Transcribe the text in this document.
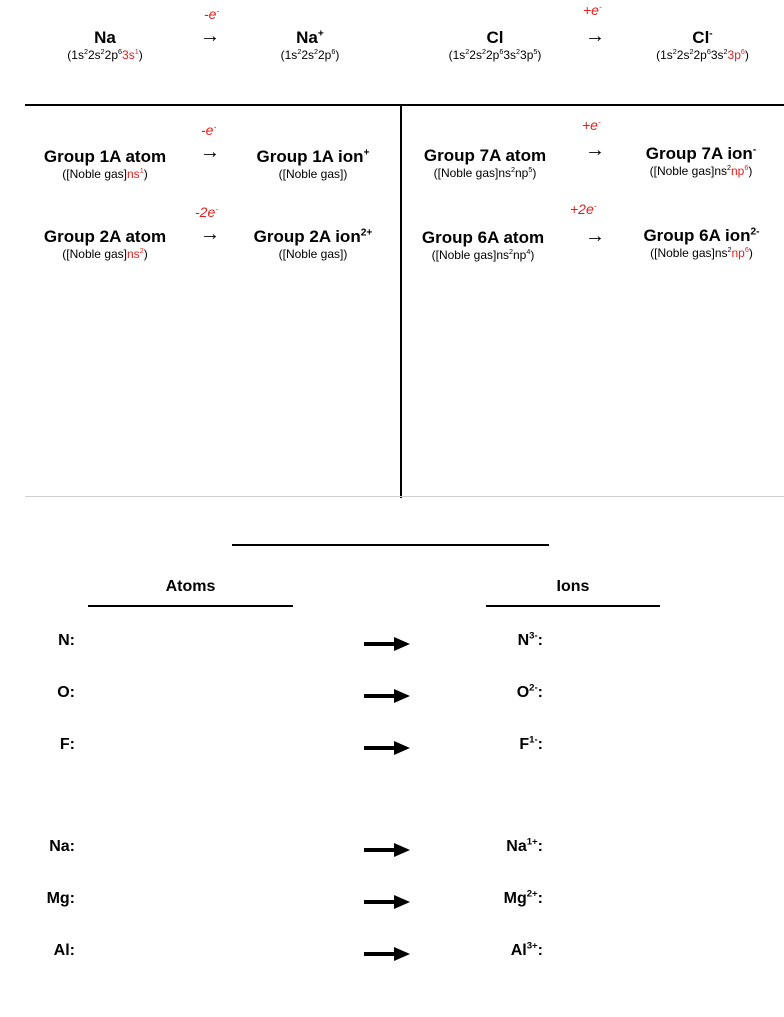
Na
$(1s^22s^22p^63s^1)$
-e-
→	Na+
$(1s^22s^22p^6)$
Cl
$(1s^22s^22p^63s^23p^5)$
+e-
→	Cl-
$(1s^22s^22p^63s^23p^6)$
-e-
→
Group 1A atom
([Noble $gas]ns^1$)
Group 1A ion+
([Noble gas])
-2e-
→
Group 2A atom
([Noble $gas]ns^2$)
Group 2A ion$^{2+}$
([Noble gas])
+e-
→
Group 7A atom
([Noble $gas]ns^2np^5$)
Group 7A ion-
([Noble $gas]ns^2np^6$)
+2e-
→
Group 6A atom
([Noble $gas]ns^2np^4$)
Group 6A ion$^{2-}$
([Noble $gas]ns^2np^6$)
Atoms	Ions
N:	$N^{3-}$:
O:	$O^{2-}$:
F:	$F^{1-}$:
Na:	$Na^{1+}$:
Mg:	$Mg^{2+}$:
Al:	$Al^{3+}$:
